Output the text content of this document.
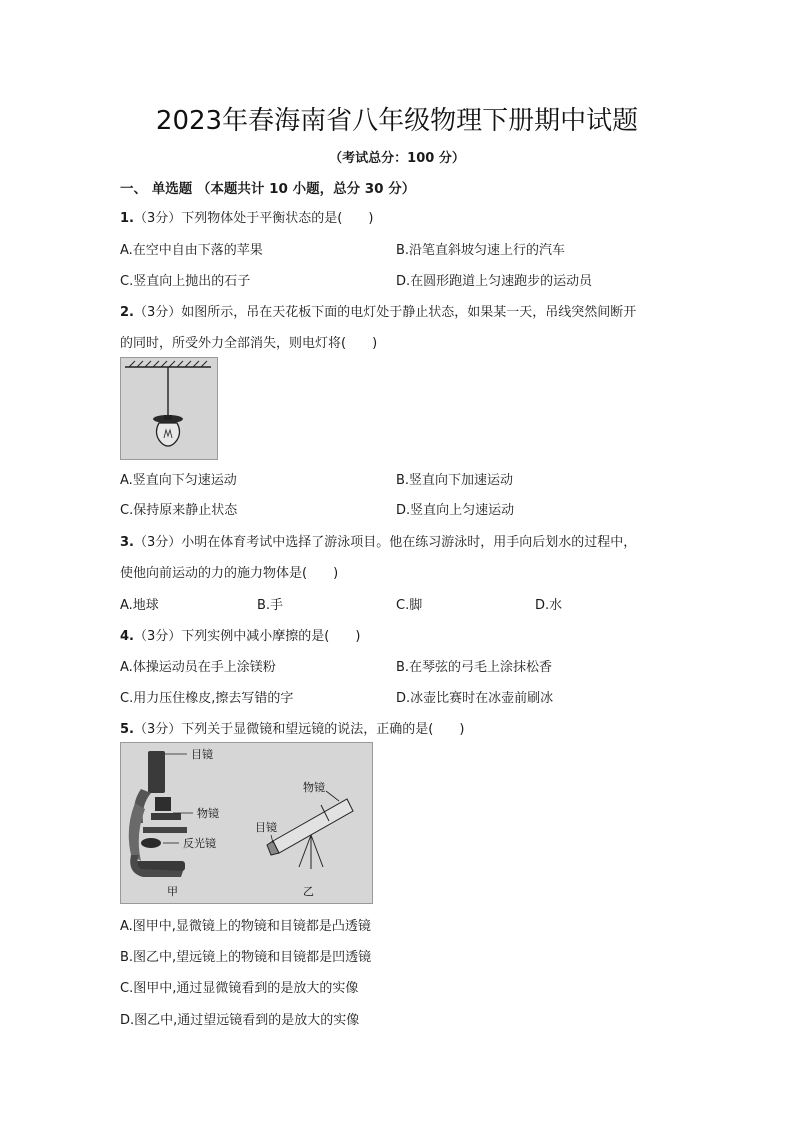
2023年春海南省八年级物理下册期中试题
（考试总分：100 分）
一、 单选题 （本题共计 10 小题，总分 30 分）
1.（3分）下列物体处于平衡状态的是(　　)
A.在空中自由下落的苹果	B.沿笔直斜坡匀速上行的汽车
C.竖直向上抛出的石子	D.在圆形跑道上匀速跑步的运动员
2.（3分）如图所示，吊在天花板下面的电灯处于静止状态，如果某一天，吊线突然间断开
的同时，所受外力全部消失，则电灯将(　　)
A.竖直向下匀速运动	B.竖直向下加速运动
C.保持原来静止状态	D.竖直向上匀速运动
3.（3分）小明在体育考试中选择了游泳项目。他在练习游泳时，用手向后划水的过程中，
使他向前运动的力的施力物体是(　　)
A.地球	B.手	C.脚	D.水
4.（3分）下列实例中减小摩擦的是(　　)
A.体操运动员在手上涂镁粉	B.在琴弦的弓毛上涂抹松香
C.用力压住橡皮,擦去写错的字	D.冰壶比赛时在冰壶前刷冰
5.（3分）下列关于显微镜和望远镜的说法，正确的是(　　)
目镜
物镜
反光镜
甲
物镜
目镜
乙
A.图甲中,显微镜上的物镜和目镜都是凸透镜
B.图乙中,望远镜上的物镜和目镜都是凹透镜
C.图甲中,通过显微镜看到的是放大的实像
D.图乙中,通过望远镜看到的是放大的实像
